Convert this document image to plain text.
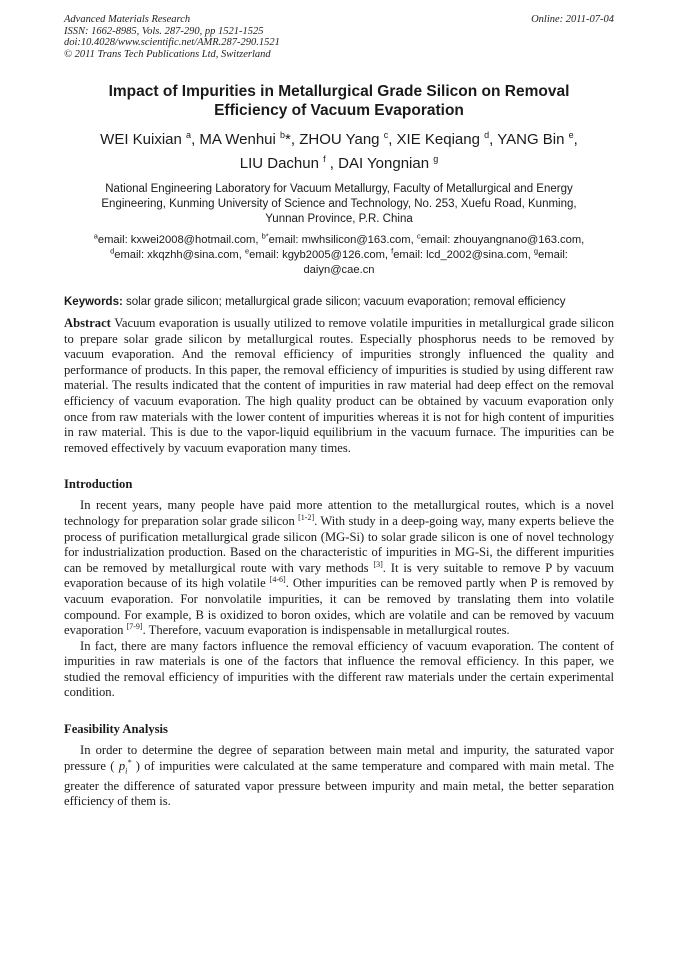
Advanced Materials Research
ISSN: 1662-8985, Vols. 287-290, pp 1521-1525
doi:10.4028/www.scientific.net/AMR.287-290.1521
© 2011 Trans Tech Publications Ltd, Switzerland
Online: 2011-07-04
Impact of Impurities in Metallurgical Grade Silicon on Removal
Efficiency of Vacuum Evaporation
WEI Kuixian $^a$, MA Wenhui $^b$*, ZHOU Yang $^c$, XIE Keqiang $^d$, YANG Bin $^e$,
LIU Dachun $^f$ , DAI Yongnian $^g$
National Engineering Laboratory for Vacuum Metallurgy, Faculty of Metallurgical and Energy
Engineering, Kunming University of Science and Technology, No. 253, Xuefu Road, Kunming,
Yunnan Province, P.R. China
$^a$email: kxwei2008@hotmail.com, $^{b*}$email: mwhsilicon@163.com, $^c$email: zhouyangnano@163.com,
$^d$email: xkqzhh@sina.com, $^e$email: kgyb2005@126.com, $^f$email: lcd_2002@sina.com, $^g$email:
daiyn@cae.cn
Keywords: solar grade silicon; metallurgical grade silicon; vacuum evaporation; removal efficiency
Abstract Vacuum evaporation is usually utilized to remove volatile impurities in metallurgical grade silicon to prepare solar grade silicon by metallurgical routes. Especially phosphorus needs to be removed by vacuum evaporation. And the removal efficiency of impurities strongly influenced the quality and performance of products. In this paper, the removal efficiency of impurities is studied by using different raw material. The results indicated that the content of impurities in raw material had deep effect on the removal efficiency of vacuum evaporation. The high quality product can be obtained by vacuum evaporation only once from raw materials with the lower content of impurities whereas it is not for high content of impurities in raw material. This is due to the vapor-liquid equilibrium in the vacuum furnace. The impurities can be removed effectively by vacuum evaporation many times.
Introduction

In recent years, many people have paid more attention to the metallurgical routes, which is a novel technology for preparation solar grade silicon [1-2]. With study in a deep-going way, many experts believe the process of purification metallurgical grade silicon (MG-Si) to solar grade silicon is one of novel technology for industrialization production. Based on the characteristic of impurities in MG-Si, the different impurities can be removed by metallurgical route with vary methods [3]. It is very suitable to remove P by vacuum evaporation because of its high volatile [4-6]. Other impurities can be removed partly when P is removed by vacuum evaporation. For nonvolatile impurities, it can be removed by translating them into volatile compound. For example, B is oxidized to boron oxides, which are volatile and can be removed by vacuum evaporation [7-9]. Therefore, vacuum evaporation is indispensable in metallurgical routes.

In fact, there are many factors influence the removal efficiency of vacuum evaporation. The content of impurities in raw materials is one of the factors that influence the removal efficiency. In this paper, we studied the removal efficiency of impurities with the different raw materials under the certain experimental condition.

Feasibility Analysis

In order to determine the degree of separation between main metal and impurity, the saturated vapor pressure ( $p_i^*$ ) of impurities were calculated at the same temperature and compared with main metal. The greater the difference of saturated vapor pressure between impurity and main metal, the better separation efficiency of them is.
